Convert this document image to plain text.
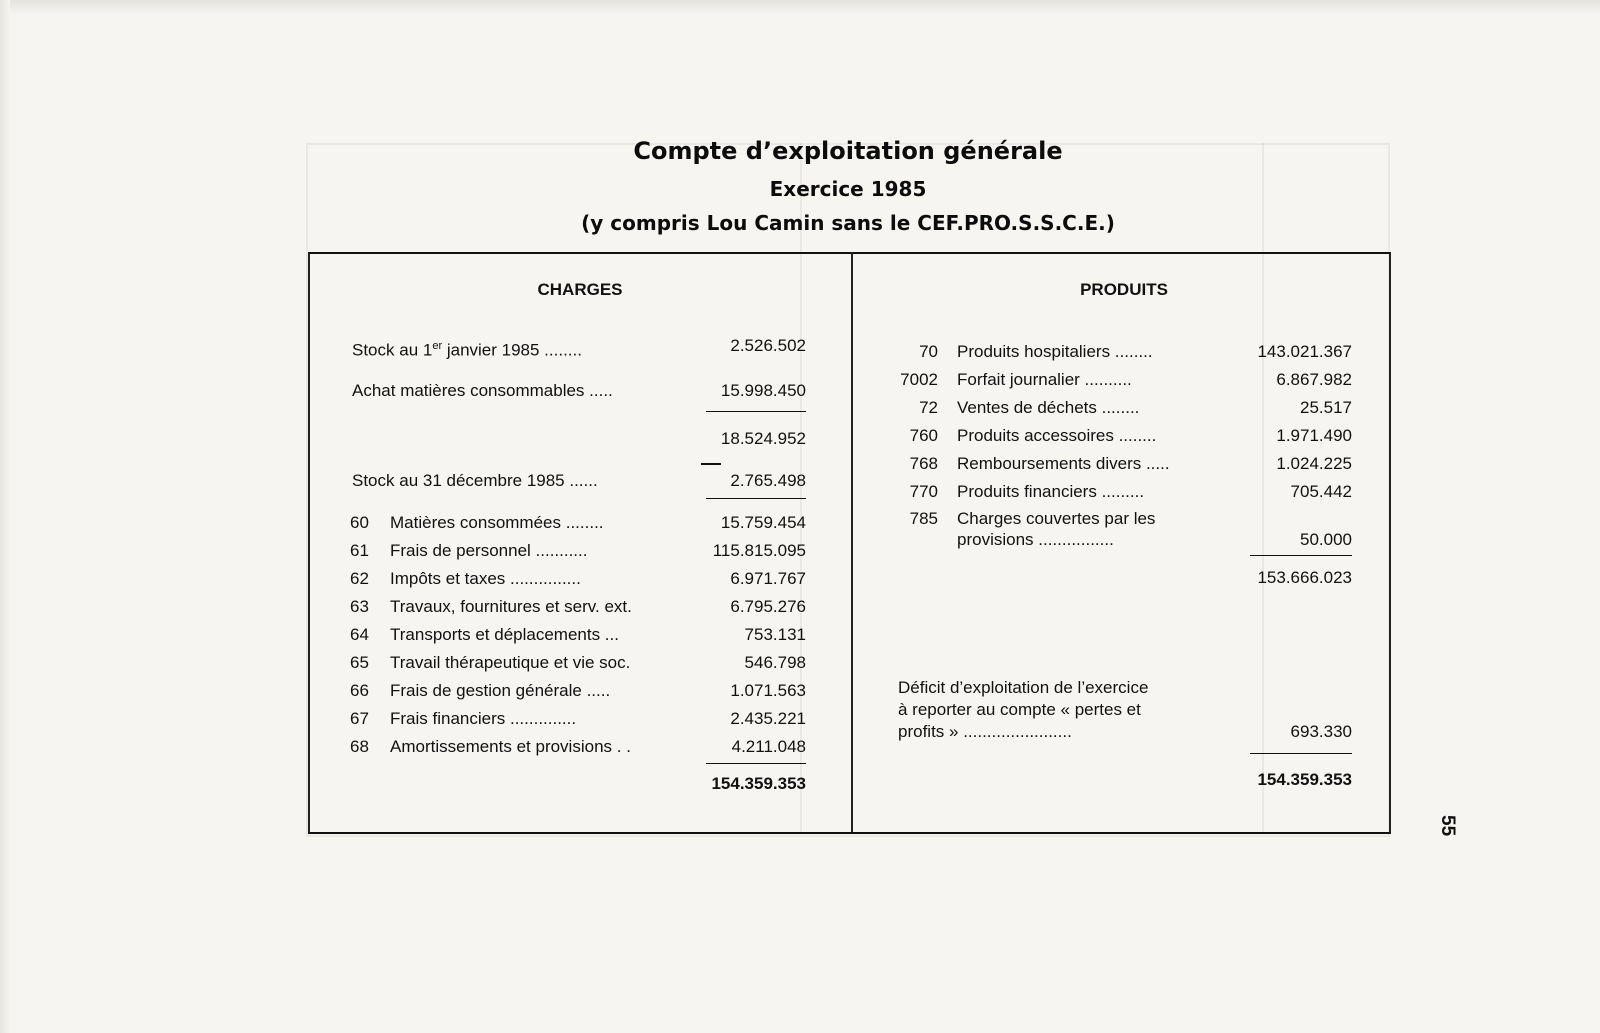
Compte d’exploitation générale
Exercice 1985
(y compris Lou Camin sans le CEF.PRO.S.S.C.E.)
CHARGES
Stock au 1er janvier 1985 ........	2.526.502
Achat matières consommables .....	15.998.450
18.524.952
Stock au 31 décembre 1985 ......	2.765.498
60 Matières consommées ........	15.759.454
61 Frais de personnel ...........	115.815.095
62 Impôts et taxes ...............	6.971.767
63 Travaux, fournitures et serv. ext.	6.795.276
64 Transports et déplacements ...	753.131
65 Travail thérapeutique et vie soc.	546.798
66 Frais de gestion générale .....	1.071.563
67 Frais financiers ..............	2.435.221
68 Amortissements et provisions . .	4.211.048
154.359.353
PRODUITS
70 Produits hospitaliers ........	143.021.367
7002 Forfait journalier ..........	6.867.982
72 Ventes de déchets ........	25.517
760 Produits accessoires ........	1.971.490
768 Remboursements divers .....	1.024.225
770 Produits financiers .........	705.442
785 Charges couvertes par les
provisions ................	50.000
153.666.023
Déficit d’exploitation de l’exercice
à reporter au compte « pertes et
profits » .......................	693.330
154.359.353
55
